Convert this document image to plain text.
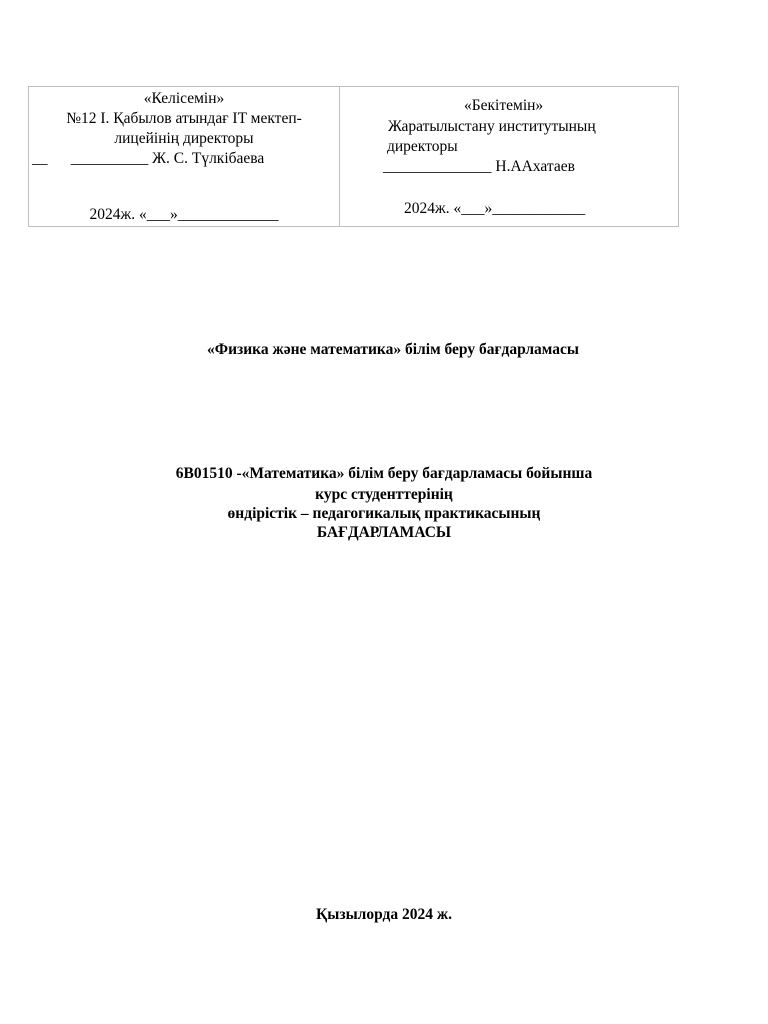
«Келісемін»
№12 І. Қабылов атындағ IT мектеп-
лицейінің директоры
__      __________ Ж. С. Түлкібаева
2024ж. «___»_____________
«Бекітемін»
Жаратылыстану институтының
директоры
______________ Н.ААхатаев
2024ж. «___»____________
«Физика және математика» білім беру бағдарламасы
6В01510 -«Математика» білім беру бағдарламасы бойынша
курс студенттерінің
өндірістік – педагогикалық практикасының
БАҒДАРЛАМАСЫ
Қызылорда 2024 ж.
